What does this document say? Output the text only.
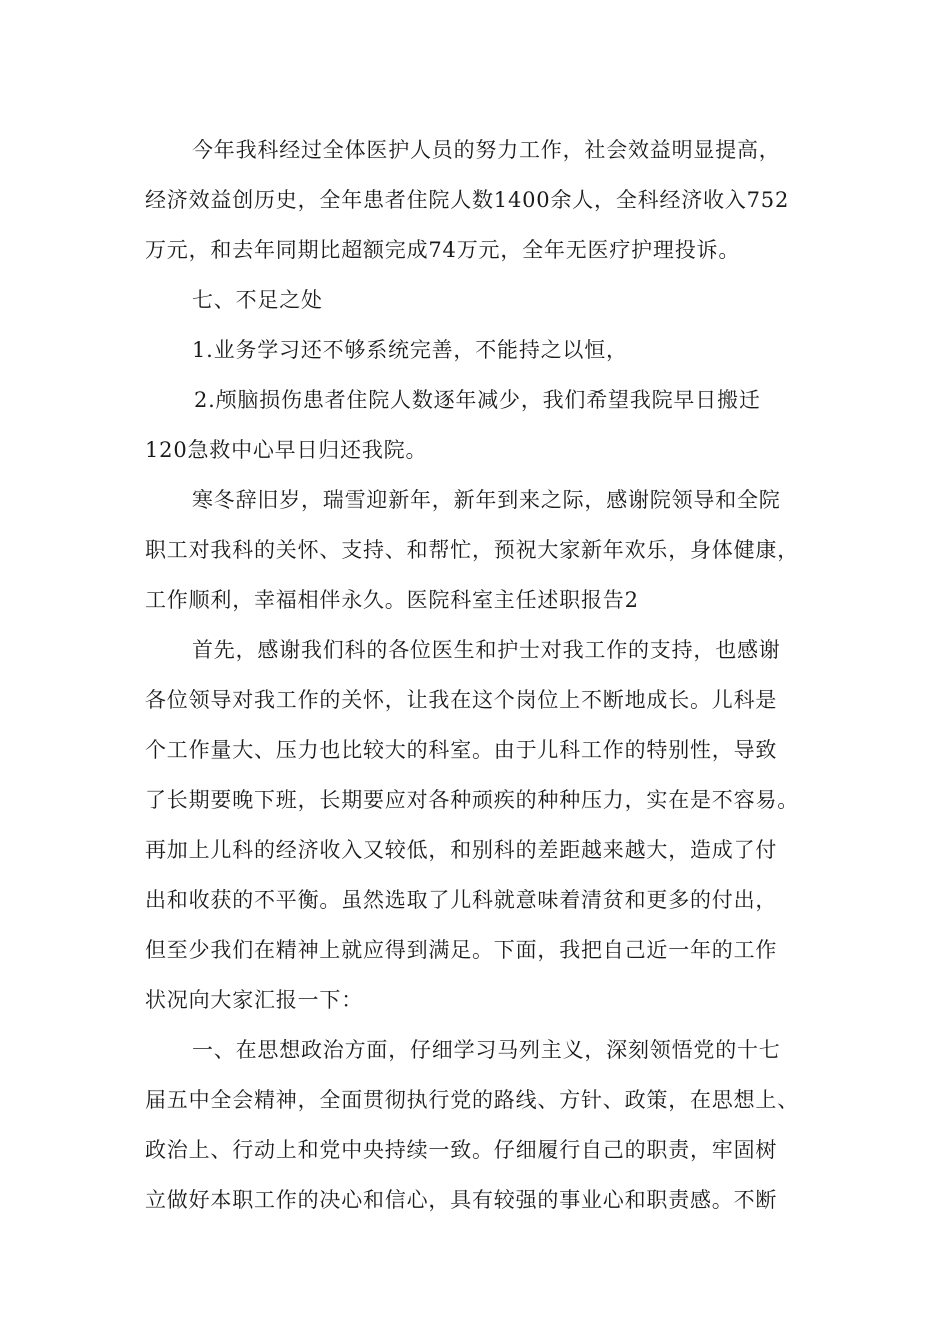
今年我科经过全体医护人员的努力工作，社会效益明显提高，
经济效益创历史，全年患者住院人数1400余人，全科经济收入752
万元，和去年同期比超额完成74万元，全年无医疗护理投诉。
七、不足之处
1.业务学习还不够系统完善，不能持之以恒，
2.颅脑损伤患者住院人数逐年减少，我们希望我院早日搬迁
120急救中心早日归还我院。
寒冬辞旧岁，瑞雪迎新年，新年到来之际，感谢院领导和全院
职工对我科的关怀、支持、和帮忙，预祝大家新年欢乐，身体健康，
工作顺利，幸福相伴永久。医院科室主任述职报告2
首先，感谢我们科的各位医生和护士对我工作的支持，也感谢
各位领导对我工作的关怀，让我在这个岗位上不断地成长。儿科是
个工作量大、压力也比较大的科室。由于儿科工作的特别性，导致
了长期要晚下班，长期要应对各种顽疾的种种压力，实在是不容易。
再加上儿科的经济收入又较低，和别科的差距越来越大，造成了付
出和收获的不平衡。虽然选取了儿科就意味着清贫和更多的付出，
但至少我们在精神上就应得到满足。下面，我把自己近一年的工作
状况向大家汇报一下：
一、在思想政治方面，仔细学习马列主义，深刻领悟党的十七
届五中全会精神，全面贯彻执行党的路线、方针、政策，在思想上、
政治上、行动上和党中央持续一致。仔细履行自己的职责，牢固树
立做好本职工作的决心和信心，具有较强的事业心和职责感。不断
